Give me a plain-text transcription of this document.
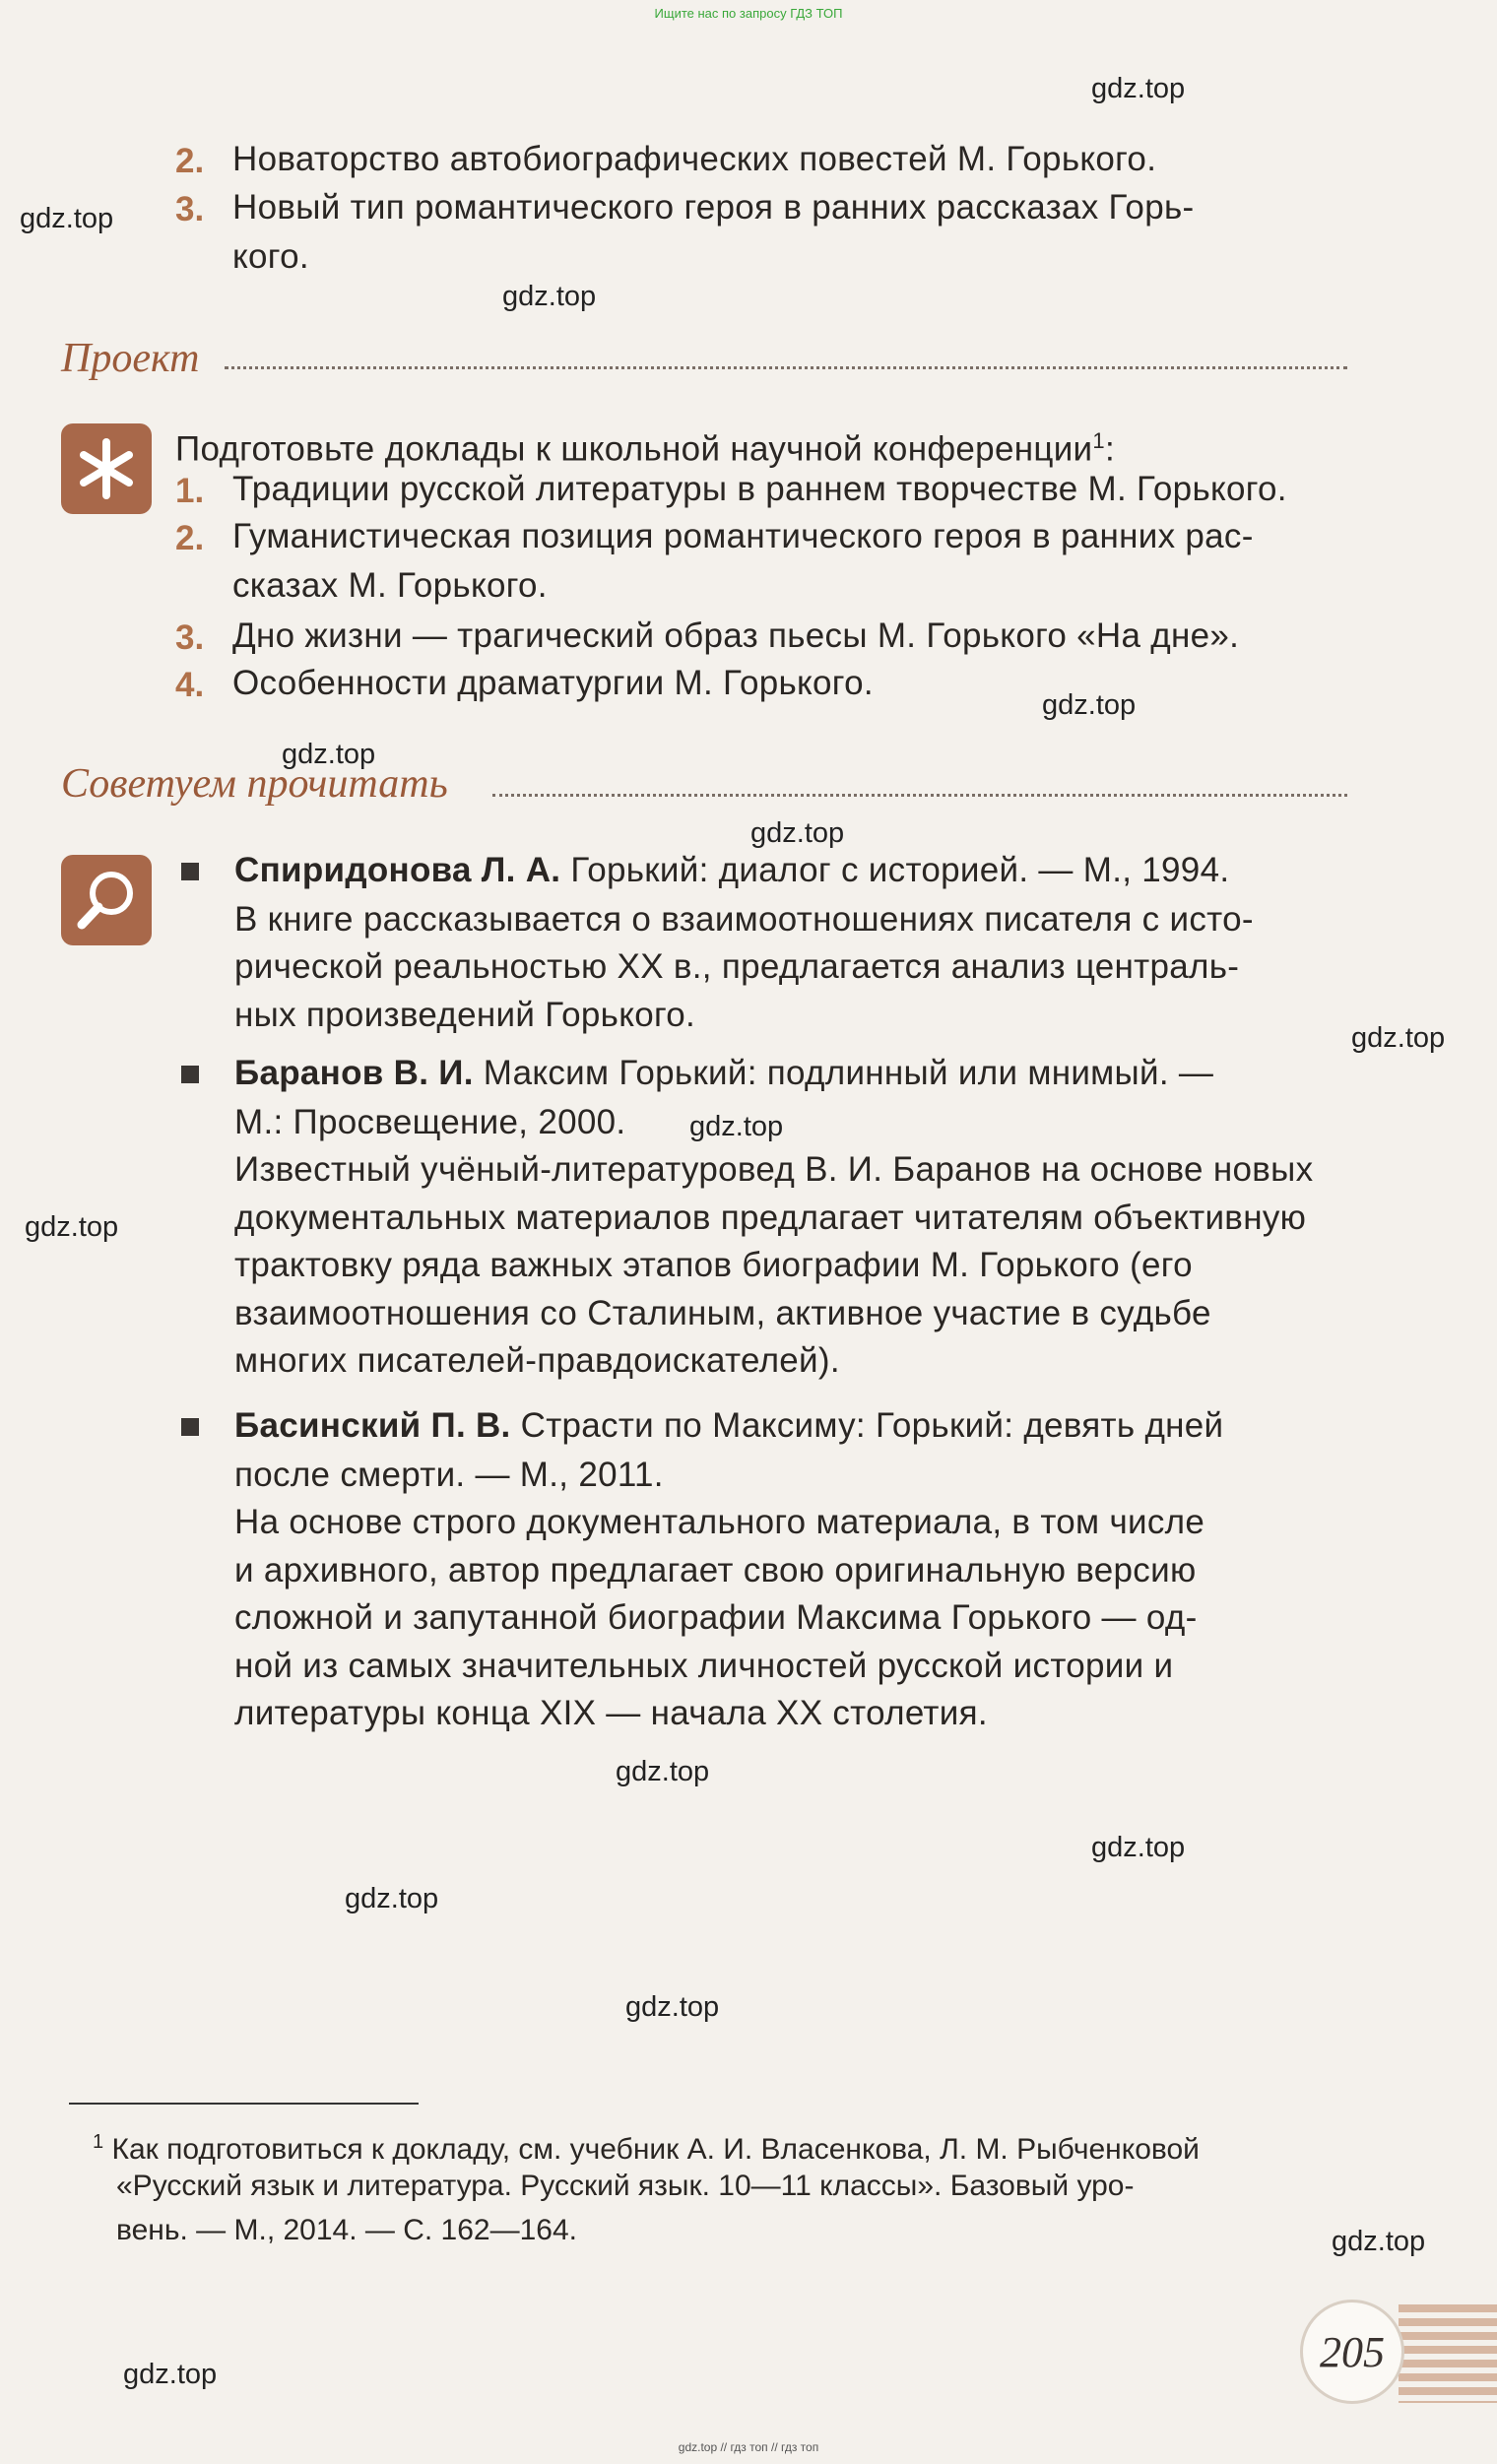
Ищите нас по запросу ГДЗ ТОП
gdz.top
gdz.top
gdz.top
gdz.top
gdz.top
gdz.top
gdz.top
gdz.top
gdz.top
gdz.top
gdz.top
gdz.top
gdz.top
gdz.top
gdz.top
2. Новаторство автобиографических повестей М. Горького.
3. Новый тип романтического героя в ранних рассказах Горь-
кого.
Проект
Подготовьте доклады к школьной научной конференции$^1$:
1. Традиции русской литературы в раннем творчестве М. Горького.
2. Гуманистическая позиция романтического героя в ранних рас-
сказах М. Горького.
3. Дно жизни — трагический образ пьесы М. Горького «На дне».
4. Особенности драматургии М. Горького.
Советуем прочитать
Спиридонова Л. А. Горький: диалог с историей. — М., 1994.
В книге рассказывается о взаимоотношениях писателя с исто-
рической реальностью XX в., предлагается анализ централь-
ных произведений Горького.
Баранов В. И. Максим Горький: подлинный или мнимый. —
М.: Просвещение, 2000.
Известный учёный-литературовед В. И. Баранов на основе новых
документальных материалов предлагает читателям объективную
трактовку ряда важных этапов биографии М. Горького (его
взаимоотношения со Сталиным, активное участие в судьбе
многих писателей-правдоискателей).
Басинский П. В. Страсти по Максиму: Горький: девять дней
после смерти. — М., 2011.
На основе строго документального материала, в том числе
и архивного, автор предлагает свою оригинальную версию
сложной и запутанной биографии Максима Горького — од-
ной из самых значительных личностей русской истории и
литературы конца XIX — начала XX столетия.
$^1$ Как подготовиться к докладу, см. учебник А. И. Власенкова, Л. М. Рыбченковой
«Русский язык и литература. Русский язык. 10—11 классы». Базовый уро-
вень. — М., 2014. — С. 162—164.
205
gdz.top // гдз топ // гдз топ
